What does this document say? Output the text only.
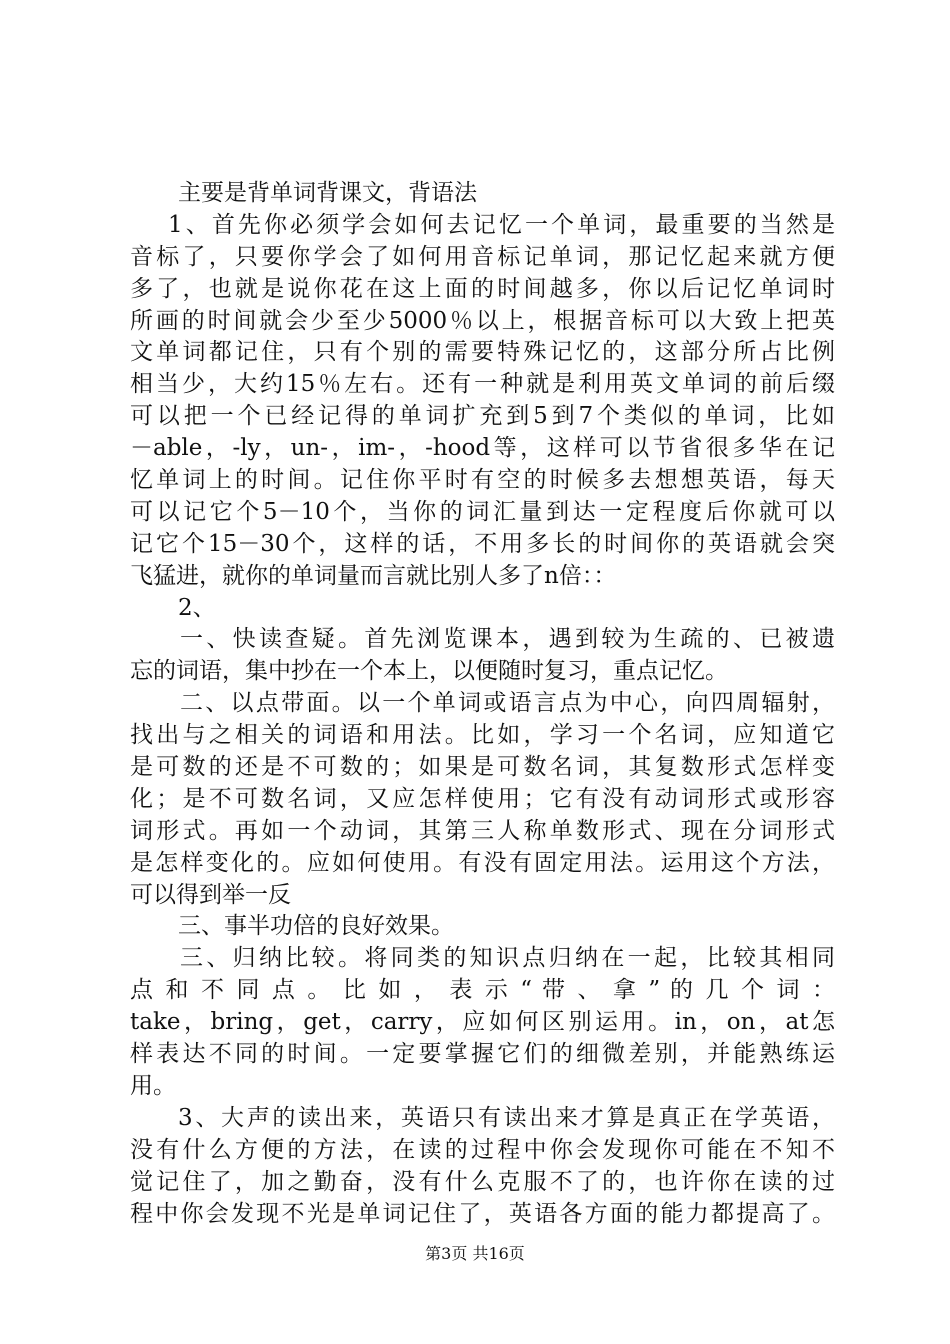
主要是背单词背课文，背语法
1、首先你必须学会如何去记忆一个单词，最重要的当然是
音标了，只要你学会了如何用音标记单词，那记忆起来就方便
多了，也就是说你花在这上面的时间越多，你以后记忆单词时
所画的时间就会少至少5000％以上，根据音标可以大致上把英
文单词都记住，只有个别的需要特殊记忆的，这部分所占比例
相当少，大约15％左右。还有一种就是利用英文单词的前后缀
可以把一个已经记得的单词扩充到5到7个类似的单词，比如
－able，-ly，un-，im-，-hood等，这样可以节省很多华在记
忆单词上的时间。记住你平时有空的时候多去想想英语，每天
可以记它个5－10个，当你的词汇量到达一定程度后你就可以
记它个15－30个，这样的话，不用多长的时间你的英语就会突
飞猛进，就你的单词量而言就比别人多了n倍：：
2、
一、快读查疑。首先浏览课本，遇到较为生疏的、已被遗
忘的词语，集中抄在一个本上，以便随时复习，重点记忆。
二、以点带面。以一个单词或语言点为中心，向四周辐射，
找出与之相关的词语和用法。比如，学习一个名词，应知道它
是可数的还是不可数的；如果是可数名词，其复数形式怎样变
化；是不可数名词，又应怎样使用；它有没有动词形式或形容
词形式。再如一个动词，其第三人称单数形式、现在分词形式
是怎样变化的。应如何使用。有没有固定用法。运用这个方法，
可以得到举一反
三、事半功倍的良好效果。
三、归纳比较。将同类的知识点归纳在一起，比较其相同
点 和 不 同 点 。 比 如 ， 表 示 “ 带 、 拿 ” 的 几 个 词 ：
take，bring，get，carry，应如何区别运用。in，on，at怎
样表达不同的时间。一定要掌握它们的细微差别，并能熟练运
用。
3、大声的读出来，英语只有读出来才算是真正在学英语，
没有什么方便的方法，在读的过程中你会发现你可能在不知不
觉记住了，加之勤奋，没有什么克服不了的，也许你在读的过
程中你会发现不光是单词记住了，英语各方面的能力都提高了。
第3页 共16页
